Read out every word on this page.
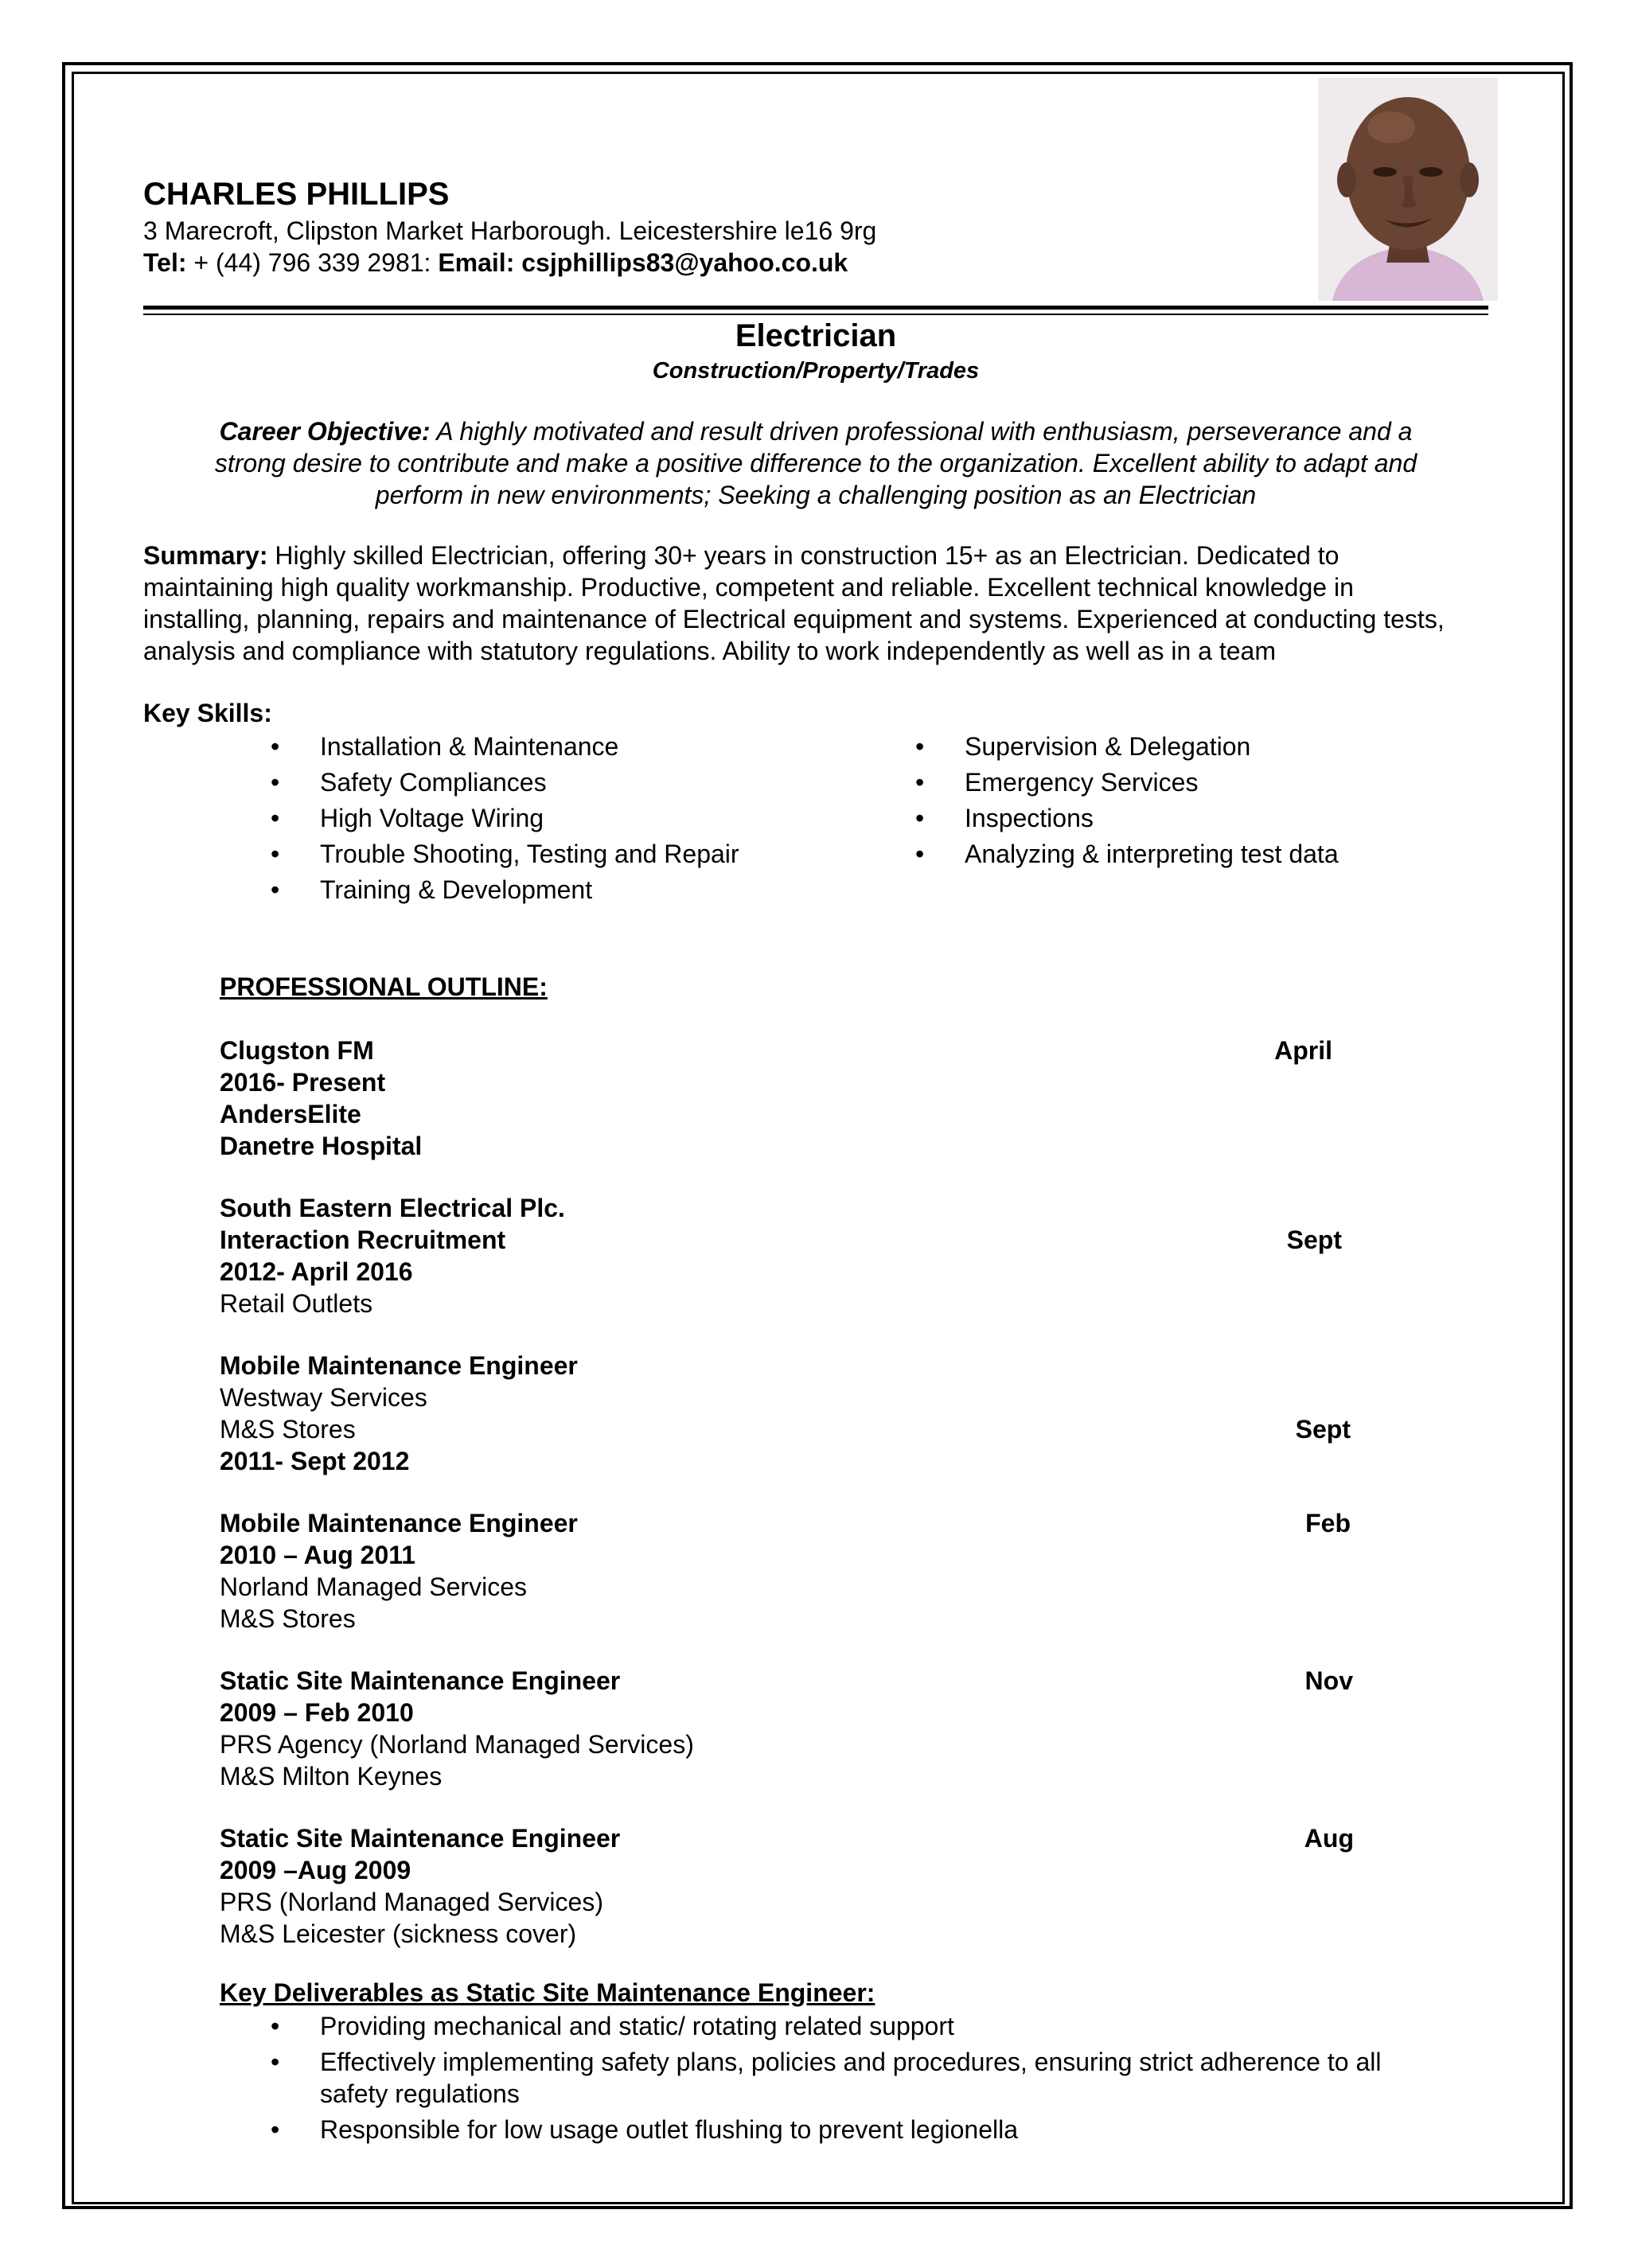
CHARLES PHILLIPS
3 Marecroft, Clipston Market Harborough. Leicestershire le16 9rg
Tel: + (44) 796 339 2981: Email: csjphillips83@yahoo.co.uk
Electrician
Construction/Property/Trades
Career Objective: A highly motivated and result driven professional with enthusiasm, perseverance and a
strong desire to contribute and make a positive difference to the organization. Excellent ability to adapt and
perform in new environments; Seeking a challenging position as an Electrician
Summary: Highly skilled Electrician, offering 30+ years in construction 15+ as an Electrician. Dedicated to maintaining high quality workmanship. Productive, competent and reliable. Excellent technical knowledge in installing, planning, repairs and maintenance of Electrical equipment and systems. Experienced at conducting tests, analysis and compliance with statutory regulations. Ability to work independently as well as in a team
Key Skills:
• Installation & Maintenance
• Safety Compliances
• High Voltage Wiring
• Trouble Shooting, Testing and Repair
• Training & Development
• Supervision & Delegation
• Emergency Services
• Inspections
• Analyzing & interpreting test data
PROFESSIONAL OUTLINE:
Clugston FM
2016- Present
AndersElite
Danetre Hospital
April
South Eastern Electrical Plc.
Interaction Recruitment
2012- April 2016
Retail Outlets
Sept
Mobile Maintenance Engineer
Westway Services
M&S Stores
2011- Sept 2012
Sept
Mobile Maintenance Engineer
2010 – Aug 2011
Norland Managed Services
M&S Stores
Feb
Static Site Maintenance Engineer
2009 – Feb 2010
PRS Agency (Norland Managed Services)
M&S Milton Keynes
Nov
Static Site Maintenance Engineer
2009 –Aug 2009
PRS (Norland Managed Services)
M&S Leicester (sickness cover)
Aug
Key Deliverables as Static Site Maintenance Engineer:
• Providing mechanical and static/ rotating related support
• Effectively implementing safety plans, policies and procedures, ensuring strict adherence to all safety regulations
• Responsible for low usage outlet flushing to prevent legionella
